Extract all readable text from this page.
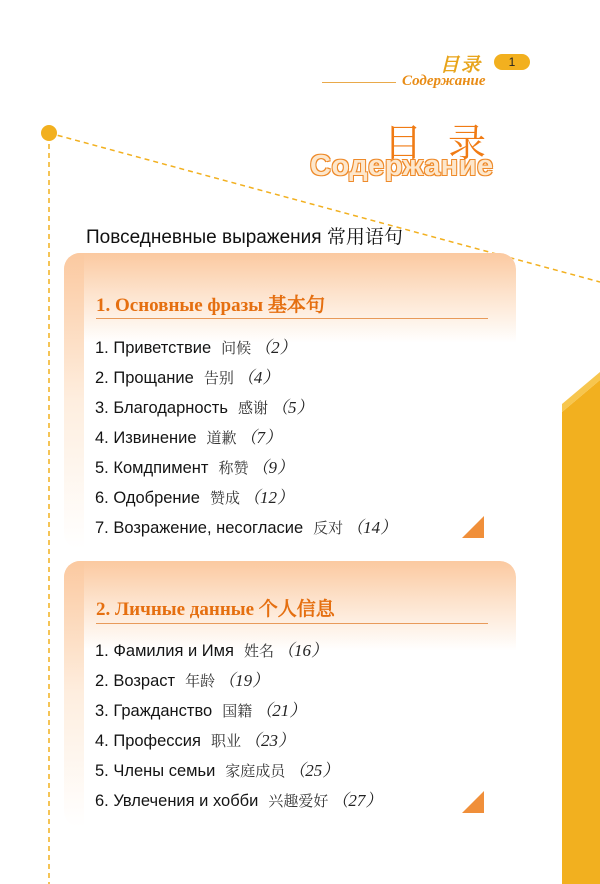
目录	1
Содержание
目录
Содержание
Повседневные выражения 常用语句
1. Основные фразы 基本句
1. Приветствие 问候 （2）
2. Прощание 告别 （4）
3. Благодарность 感谢 （5）
4. Извинение 道歉 （7）
5. Комдпимент 称赞 （9）
6. Одобрение 赞成 （12）
7. Возражение, несогласие 反对 （14）
2. Личные данные 个人信息
1. Фамилия и Имя 姓名 （16）
2. Возраст 年龄 （19）
3. Гражданство 国籍 （21）
4. Профессия 职业 （23）
5. Члены семьи 家庭成员 （25）
6. Увлечения и хобби 兴趣爱好 （27）
